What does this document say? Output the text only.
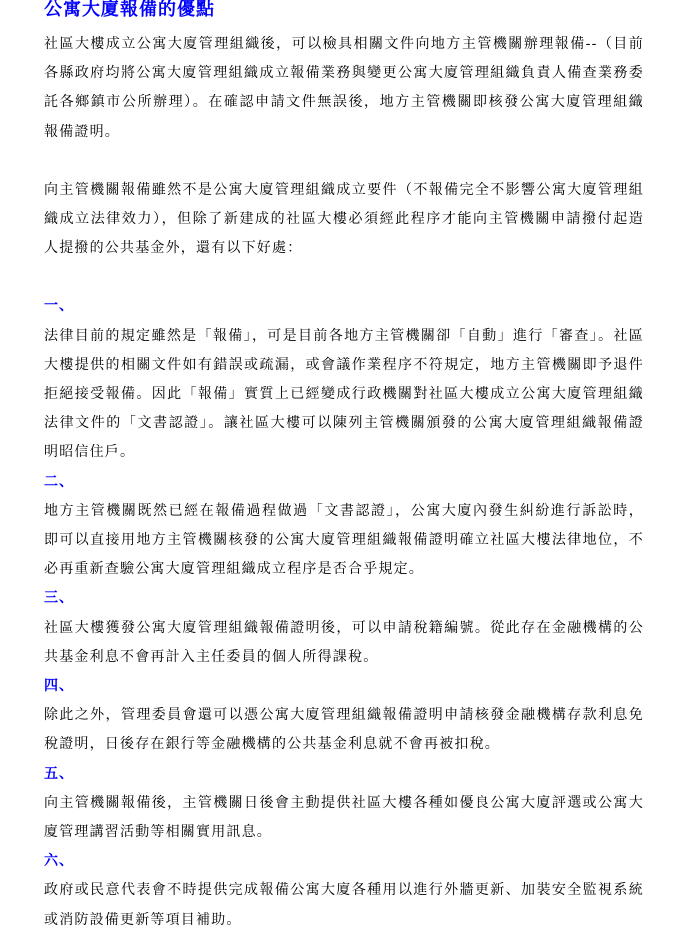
公寓大廈報備的優點

社區大樓成立公寓大廈管理組織後，可以檢具相關文件向地方主管機關辦理報備--（目前各縣政府均將公寓大廈管理組織成立報備業務與變更公寓大廈管理組織負責人備查業務委託各鄉鎮市公所辦理）。在確認申請文件無誤後，地方主管機關即核發公寓大廈管理組織報備證明。

向主管機關報備雖然不是公寓大廈管理組織成立要件（不報備完全不影響公寓大廈管理組織成立法律效力），但除了新建成的社區大樓必須經此程序才能向主管機關申請撥付起造人提撥的公共基金外，還有以下好處：

一、

法律目前的規定雖然是「報備」，可是目前各地方主管機關卻「自動」進行「審查」。社區大樓提供的相關文件如有錯誤或疏漏，或會議作業程序不符規定，地方主管機關即予退件拒絕接受報備。因此「報備」實質上已經變成行政機關對社區大樓成立公寓大廈管理組織法律文件的「文書認證」。讓社區大樓可以陳列主管機關頒發的公寓大廈管理組織報備證明昭信住戶。

二、

地方主管機關既然已經在報備過程做過「文書認證」，公寓大廈內發生糾紛進行訴訟時，即可以直接用地方主管機關核發的公寓大廈管理組織報備證明確立社區大樓法律地位，不必再重新查驗公寓大廈管理組織成立程序是否合乎規定。

三、

社區大樓獲發公寓大廈管理組織報備證明後，可以申請稅籍編號。從此存在金融機構的公共基金利息不會再計入主任委員的個人所得課稅。

四、

除此之外，管理委員會還可以憑公寓大廈管理組織報備證明申請核發金融機構存款利息免稅證明，日後存在銀行等金融機構的公共基金利息就不會再被扣稅。

五、

向主管機關報備後，主管機關日後會主動提供社區大樓各種如優良公寓大廈評選或公寓大廈管理講習活動等相關實用訊息。

六、

政府或民意代表會不時提供完成報備公寓大廈各種用以進行外牆更新、加裝安全監視系統或消防設備更新等項目補助。
